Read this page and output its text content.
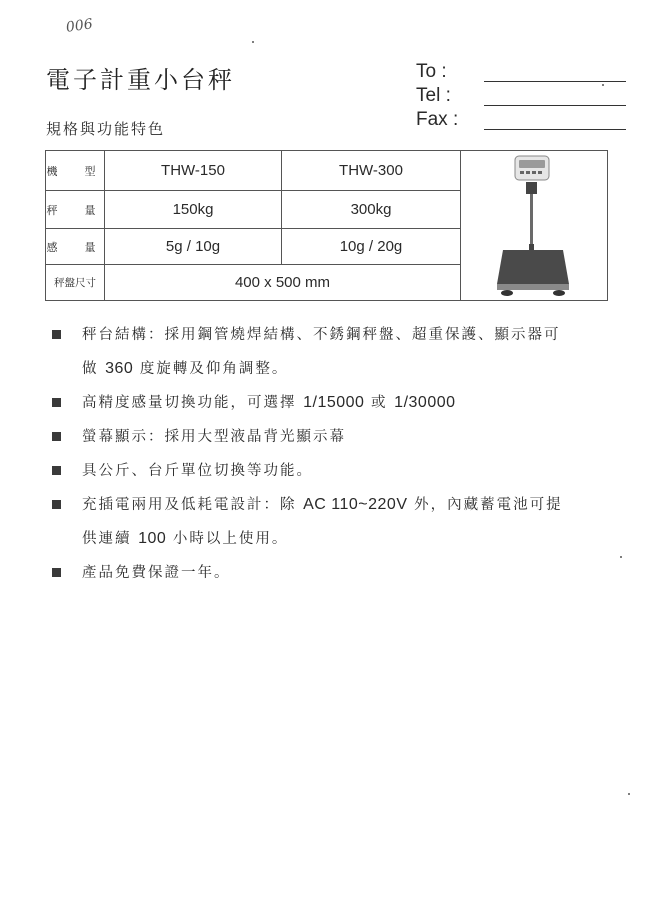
006
電子計重小台秤
規格與功能特色
To :
Tel :
Fax :
機　型	THW-150	THW-300	

秤　量	150kg	300kg	
感　量	5g / 10g	10g / 20g	
秤盤尺寸	400 x 500 mm		
秤台結構：採用鋼管燒焊結構、不銹鋼秤盤、超重保護、顯示器可
做 360 度旋轉及仰角調整。
高精度感量切換功能，可選擇 1/15000 或 1/30000
螢幕顯示：採用大型液晶背光顯示幕
具公斤、台斤單位切換等功能。
充插電兩用及低耗電設計：除 AC 110~220V 外，內藏蓄電池可提
供連續 100 小時以上使用。
產品免費保證一年。
